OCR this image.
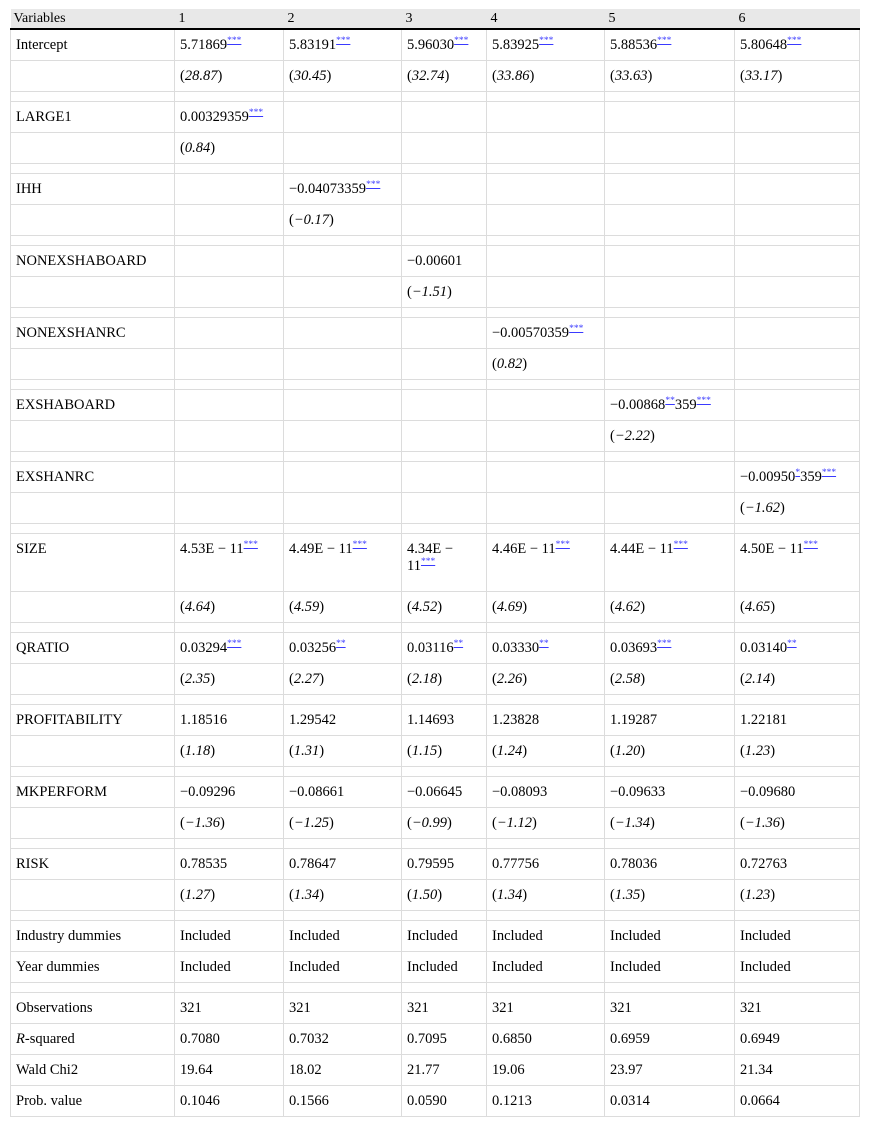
Variables	1	2	3	4	5	6
Intercept	5.71869***	5.83191***	5.96030***	5.83925***	5.88536***	5.80648***
	(28.87)	(30.45)	(32.74)	(33.86)	(33.63)	(33.17)

LARGE1	0.00329359***					
	(0.84)					

IHH		−0.04073359***				
		(−0.17)				

NONEXSHABOARD			−0.00601			
			(−1.51)			

NONEXSHANRC				−0.00570359***		
				(0.82)		

EXSHABOARD					−0.00868**359***	
					(−2.22)	

EXSHANRC						−0.00950*359***
						(−1.62)

SIZE	4.53E − 11***	4.49E − 11***	4.34E − 11***	4.46E − 11***	4.44E − 11***	4.50E − 11***
	(4.64)	(4.59)	(4.52)	(4.69)	(4.62)	(4.65)

QRATIO	0.03294***	0.03256**	0.03116**	0.03330**	0.03693***	0.03140**
	(2.35)	(2.27)	(2.18)	(2.26)	(2.58)	(2.14)

PROFITABILITY	1.18516	1.29542	1.14693	1.23828	1.19287	1.22181
	(1.18)	(1.31)	(1.15)	(1.24)	(1.20)	(1.23)

MKPERFORM	−0.09296	−0.08661	−0.06645	−0.08093	−0.09633	−0.09680
	(−1.36)	(−1.25)	(−0.99)	(−1.12)	(−1.34)	(−1.36)

RISK	0.78535	0.78647	0.79595	0.77756	0.78036	0.72763
	(1.27)	(1.34)	(1.50)	(1.34)	(1.35)	(1.23)

Industry dummies	Included	Included	Included	Included	Included	Included
Year dummies	Included	Included	Included	Included	Included	Included

Observations	321	321	321	321	321	321
R-squared	0.7080	0.7032	0.7095	0.6850	0.6959	0.6949
Wald Chi2	19.64	18.02	21.77	19.06	23.97	21.34
Prob. value	0.1046	0.1566	0.0590	0.1213	0.0314	0.0664
